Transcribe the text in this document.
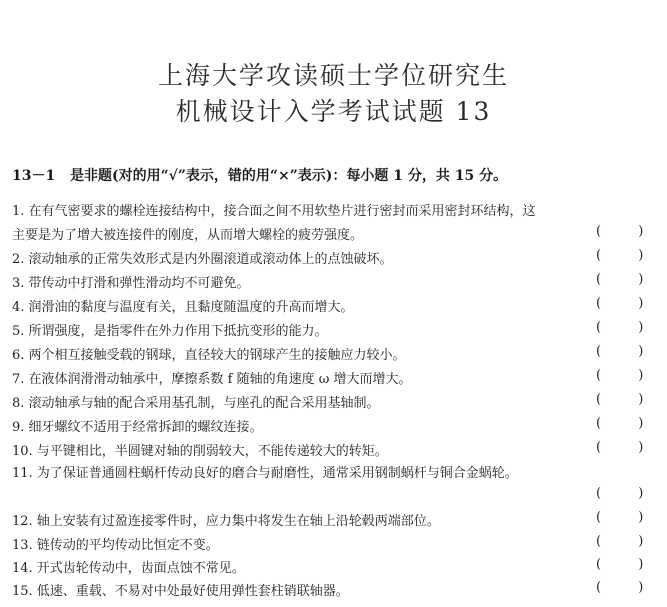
上海大学攻读硕士学位研究生
机械设计入学考试试题 13
13－1 是非题(对的用“√”表示，错的用“×”表示)：每小题 1 分，共 15 分。
1. 在有气密要求的螺栓连接结构中，接合面之间不用软垫片进行密封而采用密封环结构，这
主要是为了增大被连接件的刚度，从而增大螺栓的疲劳强度。	(         )
2. 滚动轴承的正常失效形式是内外圈滚道或滚动体上的点蚀破坏。	(         )
3. 带传动中打滑和弹性滑动均不可避免。	(         )
4. 润滑油的黏度与温度有关，且黏度随温度的升高而增大。	(         )
5. 所谓强度，是指零件在外力作用下抵抗变形的能力。	(         )
6. 两个相互接触受载的钢球，直径较大的钢球产生的接触应力较小。	(         )
7. 在液体润滑滑动轴承中，摩擦系数 f 随轴的角速度 ω 增大而增大。	(         )
8. 滚动轴承与轴的配合采用基孔制，与座孔的配合采用基轴制。	(         )
9. 细牙螺纹不适用于经常拆卸的螺纹连接。	(         )
10. 与平键相比，半圆键对轴的削弱较大，不能传递较大的转矩。	(         )
11. 为了保证普通圆柱蜗杆传动良好的磨合与耐磨性，通常采用钢制蜗杆与铜合金蜗轮。
(         )
12. 轴上安装有过盈连接零件时，应力集中将发生在轴上沿轮毂两端部位。	(         )
13. 链传动的平均传动比恒定不变。	(         )
14. 开式齿轮传动中，齿面点蚀不常见。	(         )
15. 低速、重载、不易对中处最好使用弹性套柱销联轴器。	(         )
